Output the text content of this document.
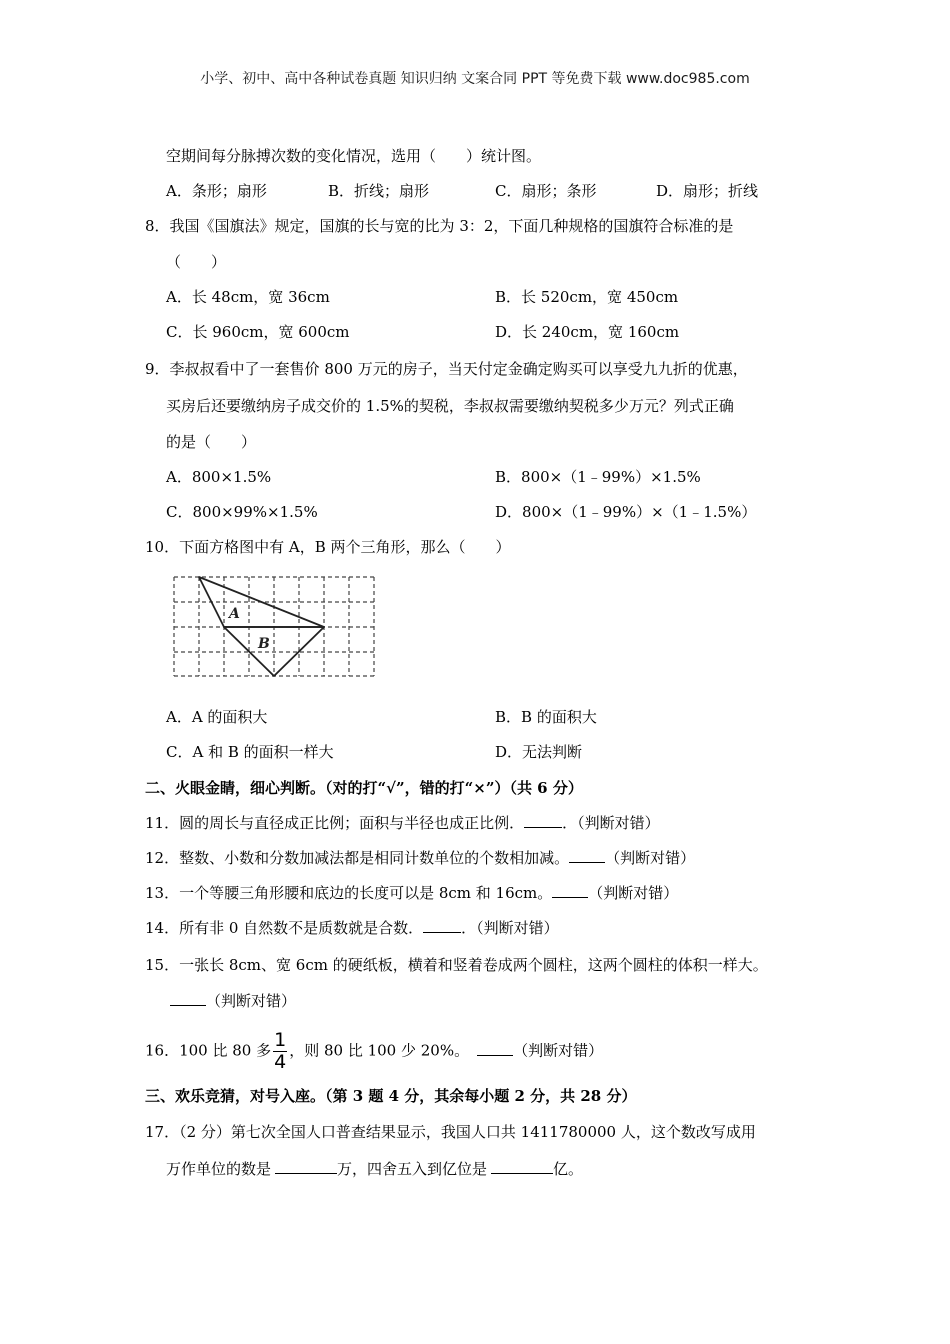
小学、初中、高中各种试卷真题 知识归纳 文案合同 PPT 等免费下载 www.doc985.com
空期间每分脉搏次数的变化情况，选用（　　）统计图。
A．条形；扇形	B．折线；扇形	C．扇形；条形	D．扇形；折线
8．我国《国旗法》规定，国旗的长与宽的比为 3：2，下面几种规格的国旗符合标准的是
（　　）
A．长 48cm，宽 36cm	B．长 520cm，宽 450cm
C．长 960cm，宽 600cm	D．长 240cm，宽 160cm
9．李叔叔看中了一套售价 800 万元的房子，当天付定金确定购买可以享受九九折的优惠，
买房后还要缴纳房子成交价的 1.5%的契税，李叔叔需要缴纳契税多少万元？列式正确
的是（　　）
A．800×1.5%	B．800×（1﹣99%）×1.5%
C．800×99%×1.5%	D．800×（1﹣99%）×（1﹣1.5%）
10．下面方格图中有 A，B 两个三角形，那么（　　）
A
B
A．A 的面积大	B．B 的面积大
C．A 和 B 的面积一样大	D．无法判断
二、火眼金睛，细心判断。（对的打“√”，错的打“×”）（共 6 分）
11．圆的周长与直径成正比例；面积与半径也成正比例．	．（判断对错）
12．整数、小数和分数加减法都是相同计数单位的个数相加减。 （判断对错）
13．一个等腰三角形腰和底边的长度可以是 8cm 和 16cm。 （判断对错）
14．所有非 0 自然数不是质数就是合数．	．（判断对错）
15．一张长 8cm、宽 6cm 的硬纸板，横着和竖着卷成两个圆柱，这两个圆柱的体积一样大。
（判断对错）
16．100 比 80 多 $\frac{1}{4}$ ，则 80 比 100 少 20%。	（判断对错）
三、欢乐竞猜，对号入座。（第 3 题 4 分，其余每小题 2 分，共 28 分）
17．（2 分）第七次全国人口普查结果显示，我国人口共 1411780000 人，这个数改写成用
万作单位的数是	万，四舍五入到亿位是	亿。
